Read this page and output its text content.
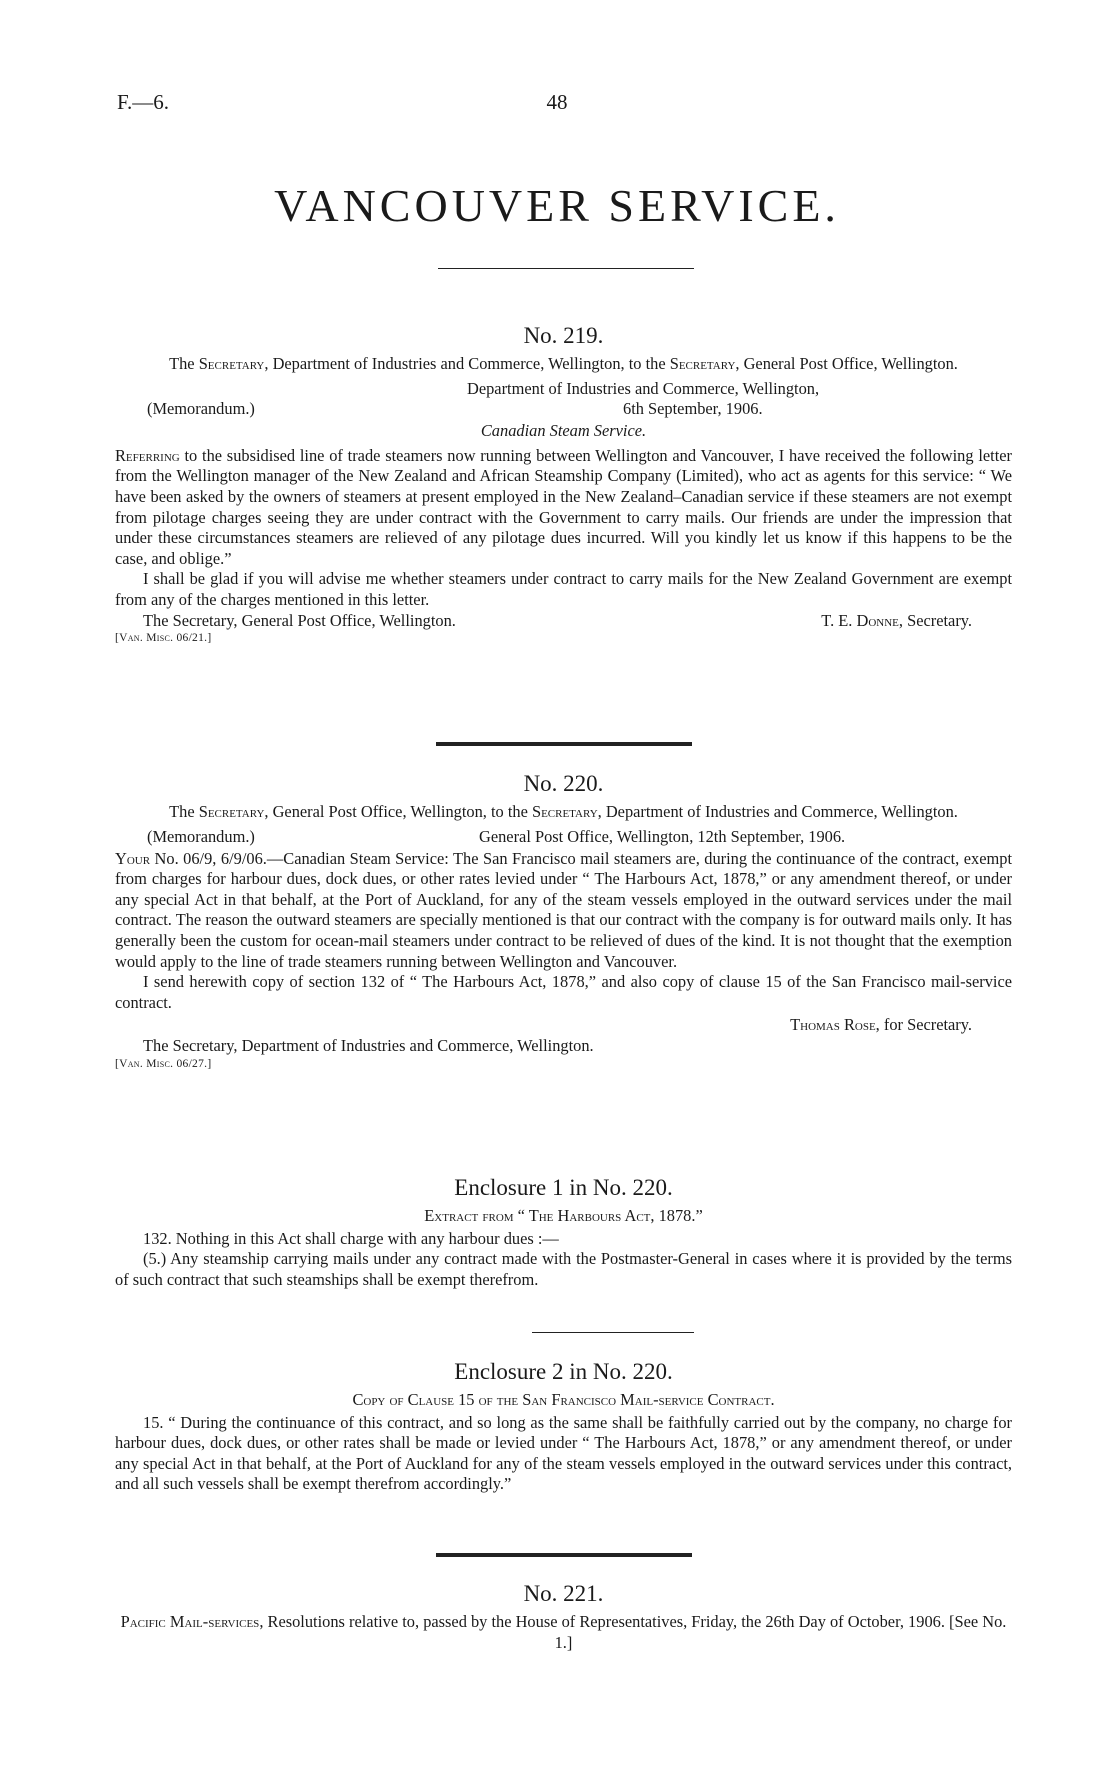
F.—6.	48
VANCOUVER SERVICE.
No. 219.
The Secretary, Department of Industries and Commerce, Wellington, to the Secretary, General Post Office, Wellington.
Department of Industries and Commerce, Wellington,
(Memorandum.)	6th September, 1906.
Canadian Steam Service.

Referring to the subsidised line of trade steamers now running between Wellington and Vancouver, I have received the following letter from the Wellington manager of the New Zealand and African Steamship Company (Limited), who act as agents for this service: “ We have been asked by the owners of steamers at present employed in the New Zealand–Canadian service if these steamers are not exempt from pilotage charges seeing they are under contract with the Government to carry mails. Our friends are under the impression that under these circumstances steamers are relieved of any pilotage dues incurred. Will you kindly let us know if this happens to be the case, and oblige.”

I shall be glad if you will advise me whether steamers under contract to carry mails for the New Zealand Government are exempt from any of the charges mentioned in this letter.

The Secretary, General Post Office, Wellington.	T. E. Donne, Secretary.
[Van. Misc. 06/21.]
No. 220.
The Secretary, General Post Office, Wellington, to the Secretary, Department of Industries and Commerce, Wellington.
(Memorandum.)	General Post Office, Wellington, 12th September, 1906.

Your No. 06/9, 6/9/06.—Canadian Steam Service: The San Francisco mail steamers are, during the continuance of the contract, exempt from charges for harbour dues, dock dues, or other rates levied under “ The Harbours Act, 1878,” or any amendment thereof, or under any special Act in that behalf, at the Port of Auckland, for any of the steam vessels employed in the outward services under the mail contract. The reason the outward steamers are specially mentioned is that our contract with the company is for outward mails only. It has generally been the custom for ocean-mail steamers under contract to be relieved of dues of the kind. It is not thought that the exemption would apply to the line of trade steamers running between Wellington and Vancouver.

I send herewith copy of section 132 of “ The Harbours Act, 1878,” and also copy of clause 15 of the San Francisco mail-service contract.

Thomas Rose, for Secretary.
The Secretary, Department of Industries and Commerce, Wellington.
[Van. Misc. 06/27.]
Enclosure 1 in No. 220.
Extract from “ The Harbours Act, 1878.”

132. Nothing in this Act shall charge with any harbour dues :—

(5.) Any steamship carrying mails under any contract made with the Postmaster-General in cases where it is provided by the terms of such contract that such steamships shall be exempt therefrom.

Enclosure 2 in No. 220.
Copy of Clause 15 of the San Francisco Mail-service Contract.

15. “ During the continuance of this contract, and so long as the same shall be faithfully carried out by the company, no charge for harbour dues, dock dues, or other rates shall be made or levied under “ The Harbours Act, 1878,” or any amendment thereof, or under any special Act in that behalf, at the Port of Auckland for any of the steam vessels employed in the outward services under this contract, and all such vessels shall be exempt therefrom accordingly.”

No. 221.

Pacific Mail-services, Resolutions relative to, passed by the House of Representatives, Friday, the 26th Day of October, 1906. [See No. 1.]
